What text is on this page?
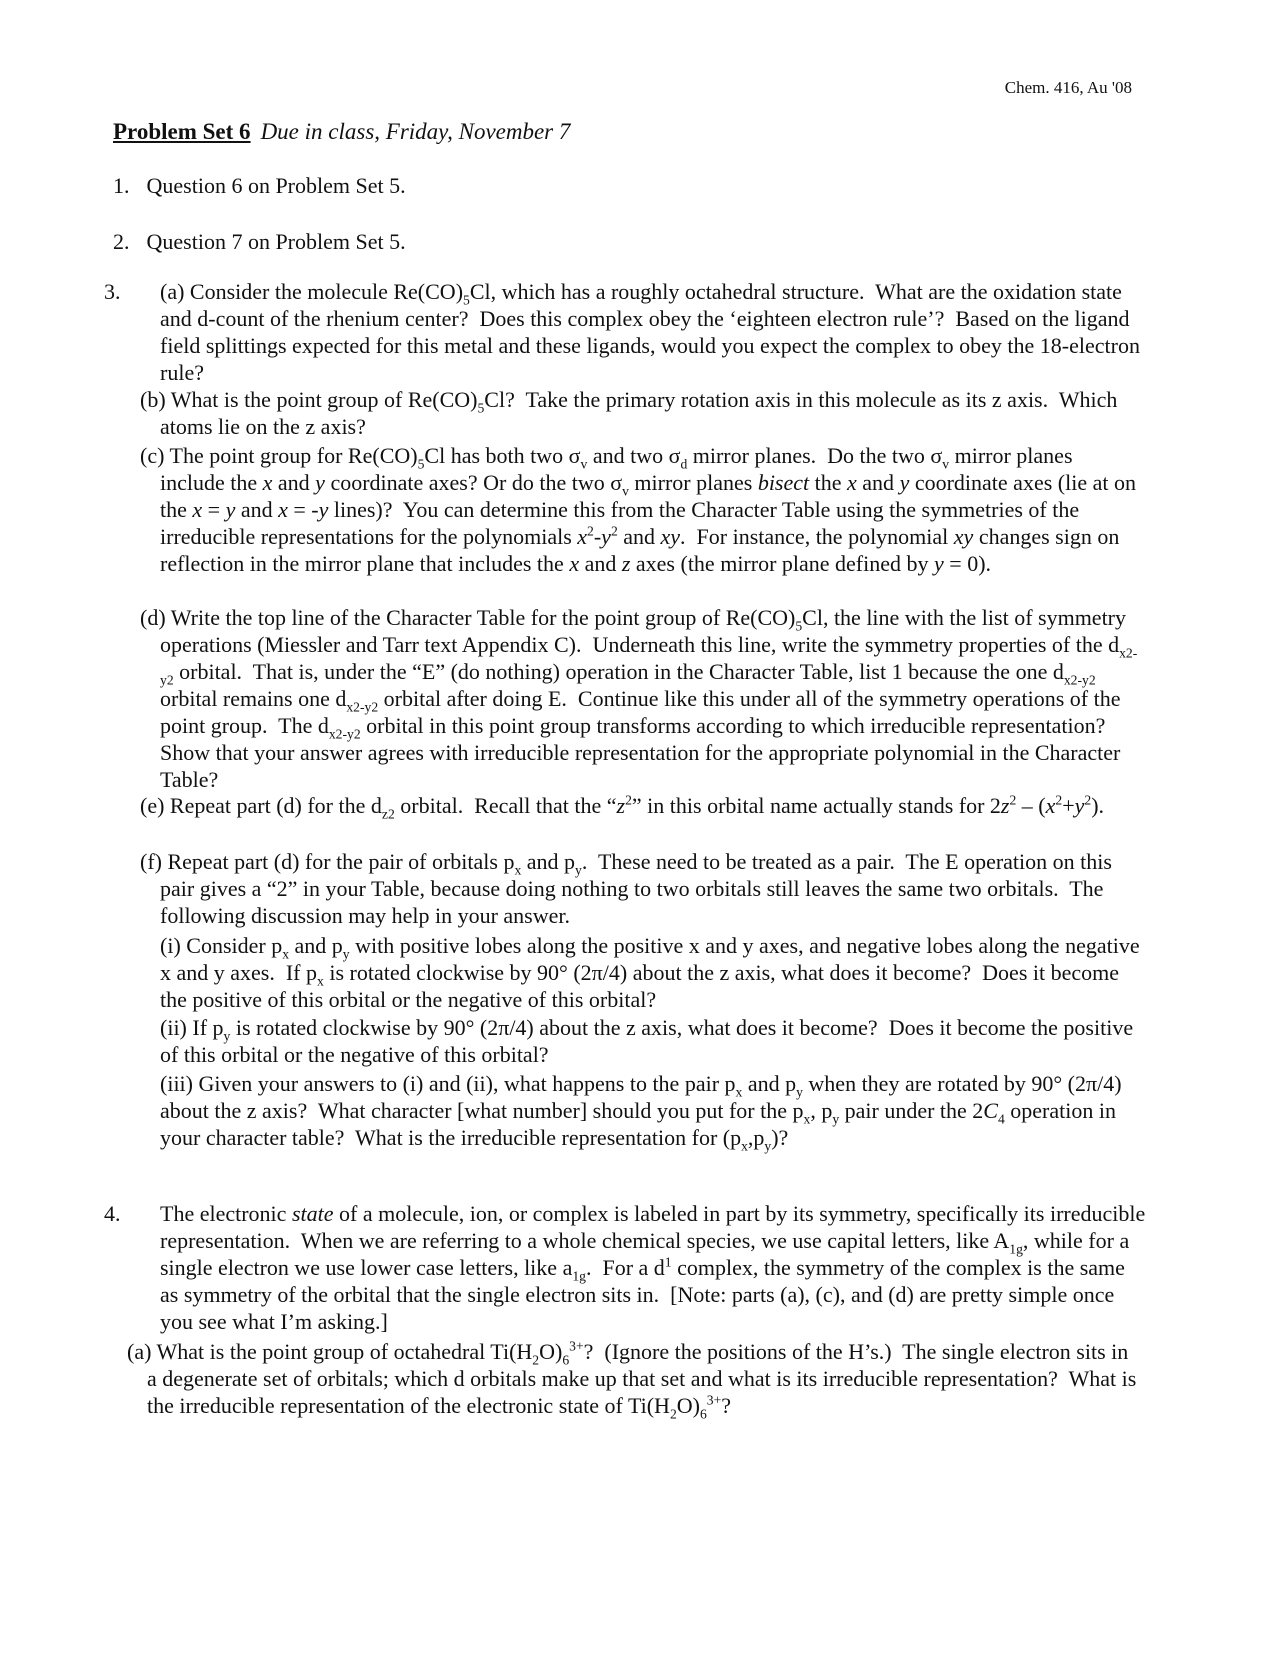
Chem. 416, Au '08
Problem Set 6 Due in class, Friday, November 7
1. Question 6 on Problem Set 5.
2. Question 7 on Problem Set 5.
3. (a) Consider the molecule $Re(CO)_5Cl$, which has a roughly octahedral structure.  What are the oxidation state and d-count of the rhenium center?  Does this complex obey the ‘eighteen electron rule’?  Based on the ligand field splittings expected for this metal and these ligands, would you expect the complex to obey the 18-electron rule?

(b) What is the point group of $Re(CO)_5Cl$?  Take the primary rotation axis in this molecule as its z axis.  Which atoms lie on the z axis?

(c) The point group for $Re(CO)_5Cl$ has both two $\sigma_v$ and two $\sigma_d$ mirror planes.  Do the two $\sigma_v$ mirror planes include the x and y coordinate axes? Or do the two $\sigma_v$ mirror planes bisect the x and y coordinate axes (lie at on the x = y and x = -y lines)?  You can determine this from the Character Table using the symmetries of the irreducible representations for the polynomials $x^2-y^2$ and xy.  For instance, the polynomial xy changes sign on reflection in the mirror plane that includes the x and z axes (the mirror plane defined by y = 0).

(d) Write the top line of the Character Table for the point group of $Re(CO)_5Cl$, the line with the list of symmetry operations (Miessler and Tarr text Appendix C).  Underneath this line, write the symmetry properties of the $d_{x2-y2}$ orbital.  That is, under the “E” (do nothing) operation in the Character Table, list 1 because the one $d_{x2-y2}$ orbital remains one $d_{x2-y2}$ orbital after doing E.  Continue like this under all of the symmetry operations of the point group.  The $d_{x2-y2}$ orbital in this point group transforms according to which irreducible representation?  Show that your answer agrees with irreducible representation for the appropriate polynomial in the Character Table?

(e) Repeat part (d) for the $d_{z2}$ orbital.  Recall that the “$z^2$” in this orbital name actually stands for $2z^2 - (x^2+y^2)$.

(f) Repeat part (d) for the pair of orbitals $p_x$ and $p_y$.  These need to be treated as a pair.  The E operation on this pair gives a “2” in your Table, because doing nothing to two orbitals still leaves the same two orbitals.  The following discussion may help in your answer.

(i) Consider $p_x$ and $p_y$ with positive lobes along the positive x and y axes, and negative lobes along the negative x and y axes.  If $p_x$ is rotated clockwise by 90° (2π/4) about the z axis, what does it become?  Does it become the positive of this orbital or the negative of this orbital?

(ii) If $p_y$ is rotated clockwise by 90° (2π/4) about the z axis, what does it become?  Does it become the positive of this orbital or the negative of this orbital?

(iii) Given your answers to (i) and (ii), what happens to the pair $p_x$ and $p_y$ when they are rotated by 90° (2π/4) about the z axis?  What character [what number] should you put for the $p_x$, $p_y$ pair under the $2C_4$ operation in your character table?  What is the irreducible representation for $(p_x,p_y)$?

4. The electronic state of a molecule, ion, or complex is labeled in part by its symmetry, specifically its irreducible representation.  When we are referring to a whole chemical species, we use capital letters, like $A_{1g}$, while for a single electron we use lower case letters, like $a_{1g}$.  For a $d^1$ complex, the symmetry of the complex is the same as symmetry of the orbital that the single electron sits in.  [Note: parts (a), (c), and (d) are pretty simple once you see what I’m asking.]

(a) What is the point group of octahedral $Ti(H_2O)_6^{3+}$?  (Ignore the positions of the H’s.)  The single electron sits in a degenerate set of orbitals; which d orbitals make up that set and what is its irreducible representation?  What is the irreducible representation of the electronic state of $Ti(H_2O)_6^{3+}$?
